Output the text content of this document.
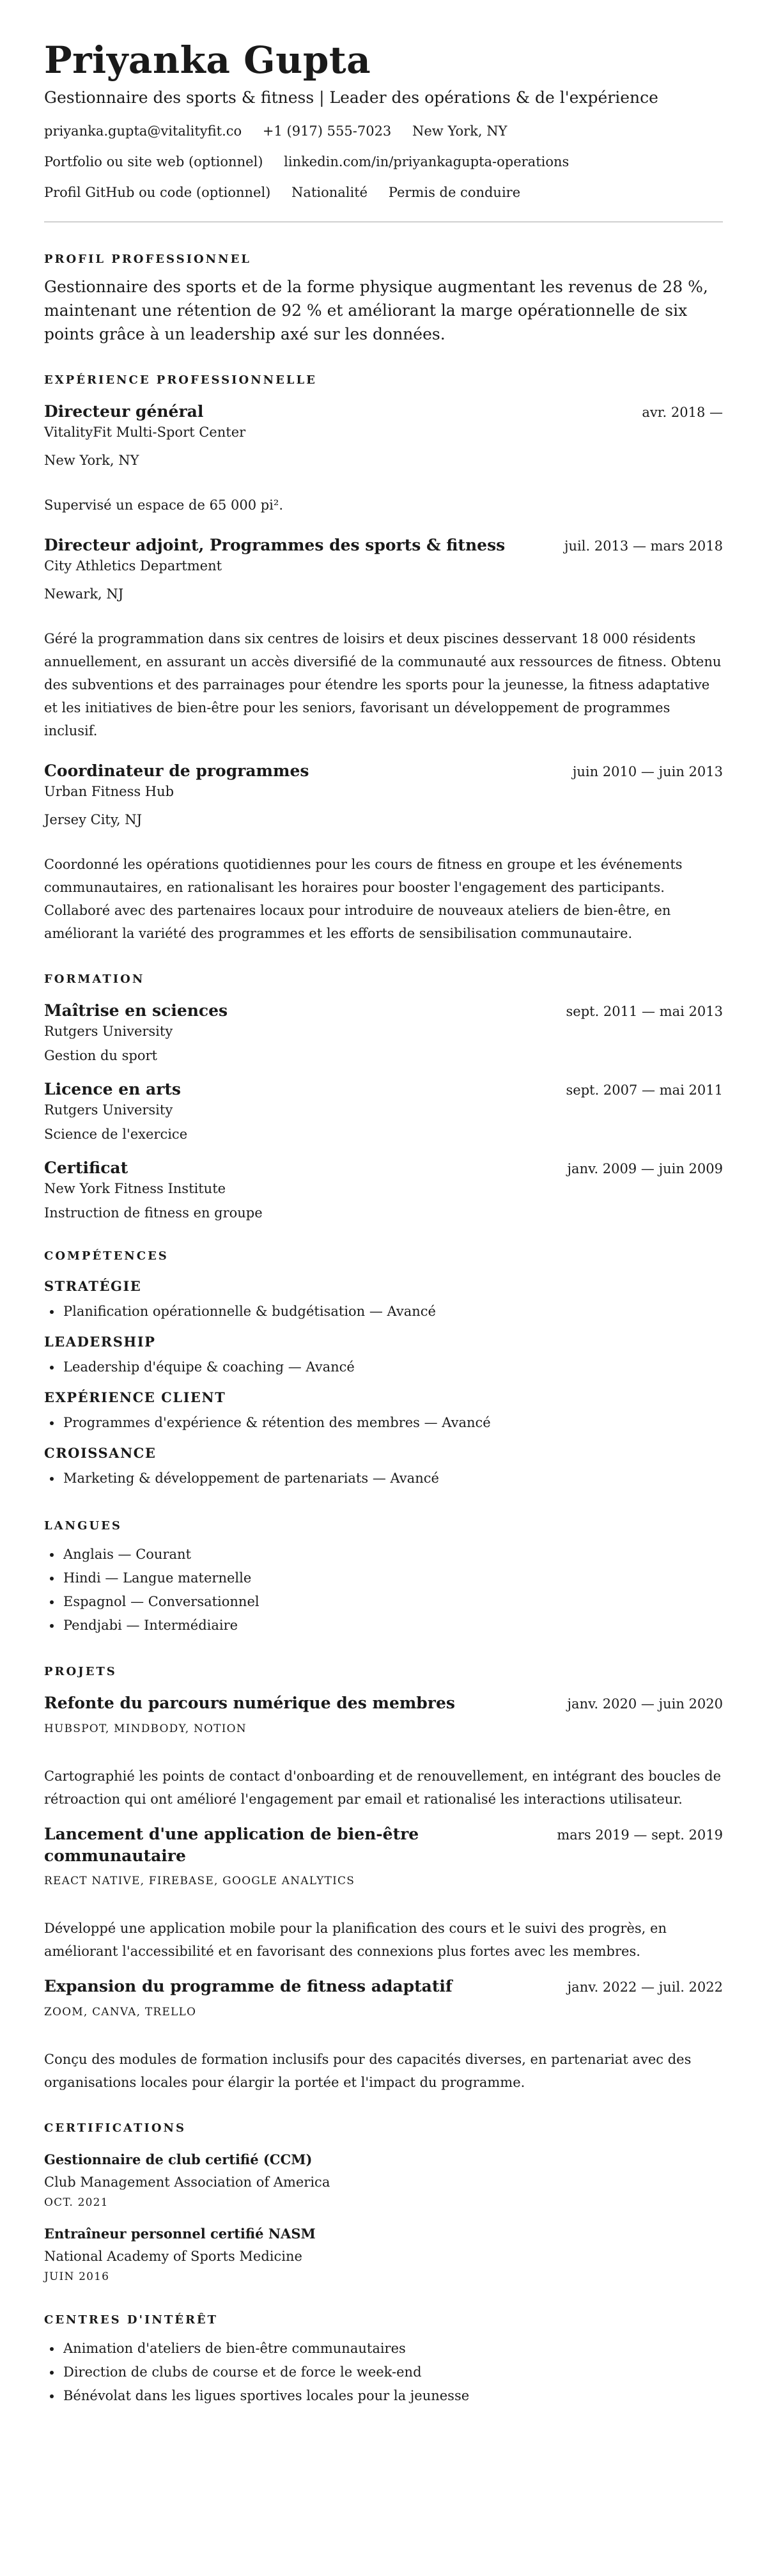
Priyanka Gupta
Gestionnaire des sports & fitness | Leader des opérations & de l'expérience
priyanka.gupta@vitalityfit.co +1 (917) 555-7023 New York, NY
Portfolio ou site web (optionnel) linkedin.com/in/priyankagupta-operations
Profil GitHub ou code (optionnel) Nationalité Permis de conduire
PROFIL PROFESSIONNEL
Gestionnaire des sports et de la forme physique augmentant les revenus de 28 %, maintenant une rétention de 92 % et améliorant la marge opérationnelle de six points grâce à un leadership axé sur les données.
EXPÉRIENCE PROFESSIONNELLE
Directeur général	avr. 2018 —
VitalityFit Multi-Sport Center
New York, NY
Supervisé un espace de 65 000 pi².
Directeur adjoint, Programmes des sports & fitness	juil. 2013 — mars 2018
City Athletics Department
Newark, NJ
Géré la programmation dans six centres de loisirs et deux piscines desservant 18 000 résidents annuellement, en assurant un accès diversifié de la communauté aux ressources de fitness. Obtenu des subventions et des parrainages pour étendre les sports pour la jeunesse, la fitness adaptative et les initiatives de bien-être pour les seniors, favorisant un développement de programmes inclusif.
Coordinateur de programmes	juin 2010 — juin 2013
Urban Fitness Hub
Jersey City, NJ
Coordonné les opérations quotidiennes pour les cours de fitness en groupe et les événements communautaires, en rationalisant les horaires pour booster l'engagement des participants. Collaboré avec des partenaires locaux pour introduire de nouveaux ateliers de bien-être, en améliorant la variété des programmes et les efforts de sensibilisation communautaire.
FORMATION
Maîtrise en sciences	sept. 2011 — mai 2013
Rutgers University
Gestion du sport
Licence en arts	sept. 2007 — mai 2011
Rutgers University
Science de l'exercice
Certificat	janv. 2009 — juin 2009
New York Fitness Institute
Instruction de fitness en groupe
COMPÉTENCES
STRATÉGIE
• Planification opérationnelle & budgétisation — Avancé
LEADERSHIP
• Leadership d'équipe & coaching — Avancé
EXPÉRIENCE CLIENT
• Programmes d'expérience & rétention des membres — Avancé
CROISSANCE
• Marketing & développement de partenariats — Avancé
LANGUES
• Anglais — Courant
• Hindi — Langue maternelle
• Espagnol — Conversationnel
• Pendjabi — Intermédiaire
PROJETS
Refonte du parcours numérique des membres	janv. 2020 — juin 2020
HUBSPOT, MINDBODY, NOTION
Cartographié les points de contact d'onboarding et de renouvellement, en intégrant des boucles de rétroaction qui ont amélioré l'engagement par email et rationalisé les interactions utilisateur.
Lancement d'une application de bien-être communautaire
mars 2019 — sept. 2019
REACT NATIVE, FIREBASE, GOOGLE ANALYTICS
Développé une application mobile pour la planification des cours et le suivi des progrès, en améliorant l'accessibilité et en favorisant des connexions plus fortes avec les membres.
Expansion du programme de fitness adaptatif	janv. 2022 — juil. 2022
ZOOM, CANVA, TRELLO
Conçu des modules de formation inclusifs pour des capacités diverses, en partenariat avec des organisations locales pour élargir la portée et l'impact du programme.
CERTIFICATIONS
Gestionnaire de club certifié (CCM)
Club Management Association of America
OCT. 2021
Entraîneur personnel certifié NASM
National Academy of Sports Medicine
JUIN 2016
CENTRES D'INTÉRÊT
• Animation d'ateliers de bien-être communautaires
• Direction de clubs de course et de force le week-end
• Bénévolat dans les ligues sportives locales pour la jeunesse
